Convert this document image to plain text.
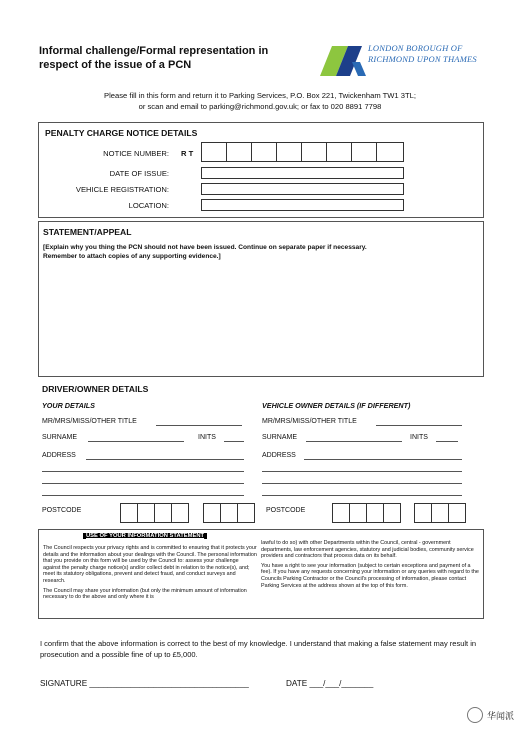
Informal challenge/Formal representation in
respect of the issue of a PCN
LONDON BOROUGH OF
RICHMOND UPON THAMES
Please fill in this form and return it to Parking Services, P.O. Box 221, Twickenham TW1 3TL;
or scan and email to parking@richmond.gov.uk; or fax to 020 8891 7798
PENALTY CHARGE NOTICE DETAILS
NOTICE NUMBER: R T
DATE OF ISSUE:
VEHICLE REGISTRATION:
LOCATION:
STATEMENT/APPEAL
[Explain why you thing the PCN should not have been issued. Continue on separate paper if necessary.
Remember to attach copies of any supporting evidence.]
DRIVER/OWNER DETAILS
YOUR DETAILS	VEHICLE OWNER DETAILS (IF DIFFERENT)
MR/MRS/MISS/OTHER TITLE
SURNAME	INITS
ADDRESS
POSTCODE
MR/MRS/MISS/OTHER TITLE
SURNAME	INITS
ADDRESS
POSTCODE
USE OF YOUR INFORMATION STATEMENT
The Council respects your privacy rights and is committed to ensuring that it protects your details and the information about your dealings with the Council. The personal information that you provide on this form will be used by the Council to: assess your challenge against the penalty charge notice(s) and/or collect debt in relation to the notice(s), and; meet its statutory obligations, prevent and detect fraud, and conduct surveys and research.
The Council may share your information (but only the minimum amount of information necessary to do the above and only where it is
lawful to do so) with other Departments within the Council, central - government departments, law enforcement agencies, statutory and judicial bodies, community service providers and contractors that process data on its behalf.
You have a right to see your information (subject to certain exceptions and payment of a fee). If you have any requests concerning your information or any queries with regard to the Councils Parking Contractor or the Council's processing of information, please contact Parking Services at the address shown at the top of this form.
I confirm that the above information is correct to the best of my knowledge. I understand that making a false statement may result in prosecution and a possible fine of up to £5,000.
SIGNATURE ___________________________________	DATE ___/___/_______
华闻派
